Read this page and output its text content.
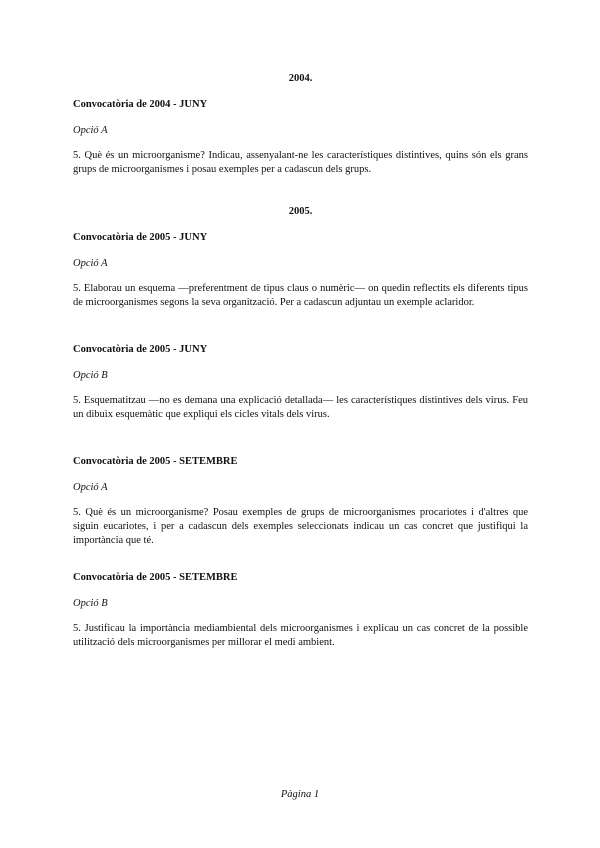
2004.

Convocatòria de 2004 - JUNY

Opció A

5. Què és un microorganisme? Indicau, assenyalant-ne les característiques distintives, quins són els grans grups de microorganismes i posau exemples per a cadascun dels grups.

2005.

Convocatòria de 2005 - JUNY

Opció A

5. Elaborau un esquema —preferentment de tipus claus o numèric— on quedin reflectits els diferents tipus de microorganismes segons la seva organització. Per a cadascun adjuntau un exemple aclaridor.

Convocatòria de 2005 - JUNY

Opció B

5. Esquematitzau —no es demana una explicació detallada— les característiques distintives dels virus. Feu un dibuix esquemàtic que expliqui els cicles vitals dels virus.

Convocatòria de 2005 - SETEMBRE

Opció A

5. Què és un microorganisme? Posau exemples de grups de microorganismes procariotes i d'altres que siguin eucariotes, i per a cadascun dels exemples seleccionats indicau un cas concret que justifiqui la importància que té.

Convocatòria de 2005 - SETEMBRE

Opció B

5. Justificau la importància mediambiental dels microorganismes i explicau un cas concret de la possible utilització dels microorganismes per millorar el medi ambient.

Pàgina 1
